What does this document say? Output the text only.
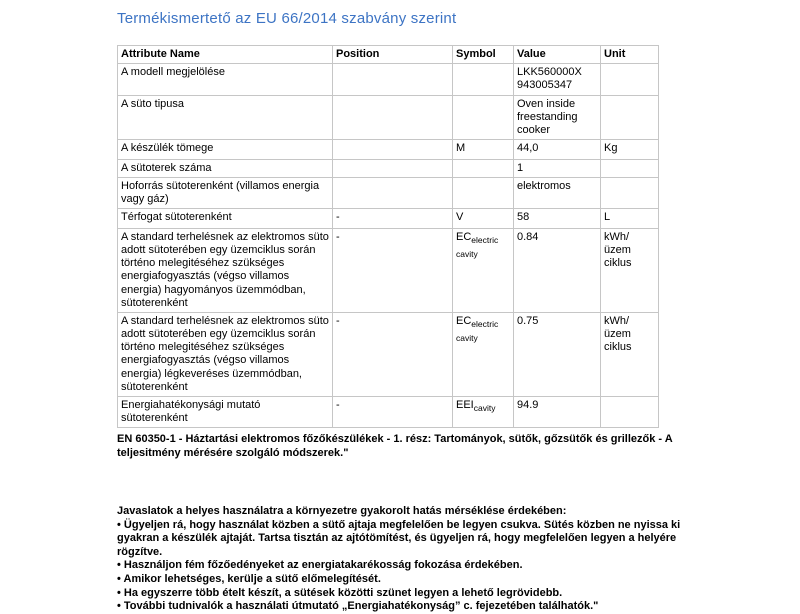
Termékismertető az EU 66/2014 szabvány szerint
Attribute Name	Position	Symbol	Value	Unit
A modell megjelölése			LKK560000X 943005347	
A süto tipusa			Oven inside freestanding cooker	
A készülék tömege		M	44,0	Kg
A sütoterek száma			1	
Hoforrás sütoterenként (villamos energia vagy gáz)			elektromos	
Térfogat sütoterenként	-	V	58	L
A standard terhelésnek az elektromos süto adott sütoterében egy üzemciklus során történo melegitéséhez szükséges energiafogyasztás (végso villamos energia) hagyományos üzemmódban, sütoterenként	-	$EC_{electric cavity}$	0.84	kWh/üzem ciklus
A standard terhelésnek az elektromos süto adott sütoterében egy üzemciklus során történo melegitéséhez szükséges energiafogyasztás (végso villamos energia) légkeveréses üzemmódban, sütoterenként	-	$EC_{electric cavity}$	0.75	kWh/üzem ciklus
Energiahatékonysági mutató sütoterenként	-	$EEI_{cavity}$	94.9	

EN 60350-1 - Háztartási elektromos főzőkészülékek - 1. rész: Tartományok, sütők, gőzsütők és grillezők - A teljesitmény mérésére szolgáló módszerek."

Javaslatok a helyes használatra a környezetre gyakorolt hatás mérséklése érdekében:

• Ügyeljen rá, hogy használat közben a sütő ajtaja megfelelően be legyen csukva. Sütés közben ne nyissa ki gyakran a készülék ajtaját. Tartsa tisztán az ajtótömítést, és ügyeljen rá, hogy megfelelően legyen a helyére rögzítve.

• Használjon fém főzőedényeket az energiatakarékosság fokozása érdekében.

• Amikor lehetséges, kerülje a sütő előmelegítését.

• Ha egyszerre több ételt készít, a sütések közötti szünet legyen a lehető legrövidebb.

• További tudnivalók a használati útmutató „Energiahatékonyság” c. fejezetében találhatók."
